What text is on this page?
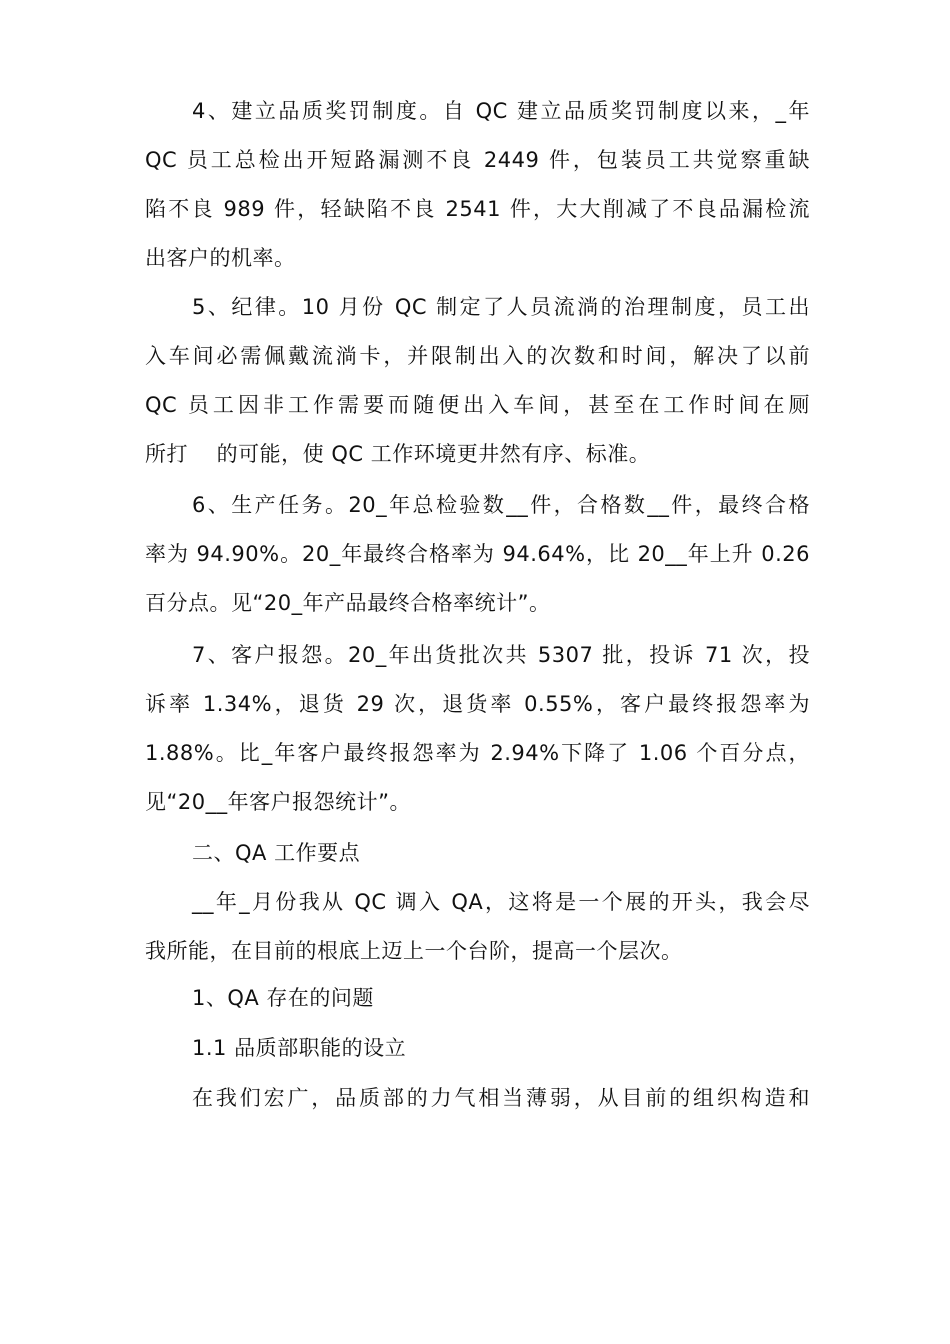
4、建立品质奖罚制度。自 QC 建立品质奖罚制度以来，_年
QC 员工总检出开短路漏测不良 2449 件，包装员工共觉察重缺
陷不良 989 件，轻缺陷不良 2541 件，大大削减了不良品漏检流
出客户的机率。
5、纪律。10 月份 QC 制定了人员流淌的治理制度，员工出
入车间必需佩戴流淌卡，并限制出入的次数和时间，解决了以前
QC 员工因非工作需要而随便出入车间，甚至在工作时间在厕
所打　 的可能，使 QC 工作环境更井然有序、标准。
6、生产任务。20_年总检验数__件，合格数__件，最终合格
率为 94.90%。20_年最终合格率为 94.64%，比 20__年上升 0.26
百分点。见“20_年产品最终合格率统计”。
7、客户报怨。20_年出货批次共 5307 批，投诉 71 次，投
诉率 1.34%，退货 29 次，退货率 0.55%，客户最终报怨率为
1.88%。比_年客户最终报怨率为 2.94%下降了 1.06 个百分点，
见“20__年客户报怨统计”。
二、QA 工作要点
__年_月份我从 QC 调入 QA，这将是一个展的开头，我会尽
我所能，在目前的根底上迈上一个台阶，提高一个层次。
1、QA 存在的问题
1.1 品质部职能的设立
在我们宏广，品质部的力气相当薄弱，从目前的组织构造和
